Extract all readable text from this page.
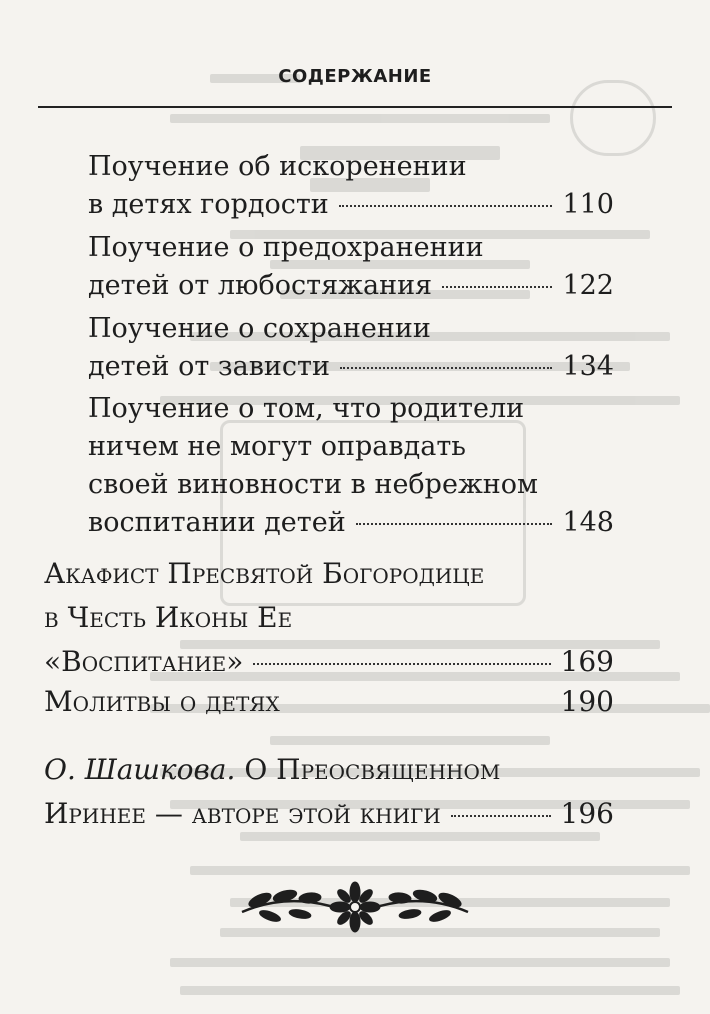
СОДЕРЖАНИЕ
Поучение об искоренении
в детях гордости	110
Поучение о предохранении
детей от любостяжания	122
Поучение о сохранении
детей от зависти	134
Поучение о том, что родители
ничем не могут оправдать
своей виновности в небрежном
воспитании детей	148
Акафист Пресвятой Богородице
в Честь Иконы Ее
«Воспитание»	169
Молитвы о детях	190
О. Шашкова. О Преосвященном
Иринее — авторе этой книги	196
